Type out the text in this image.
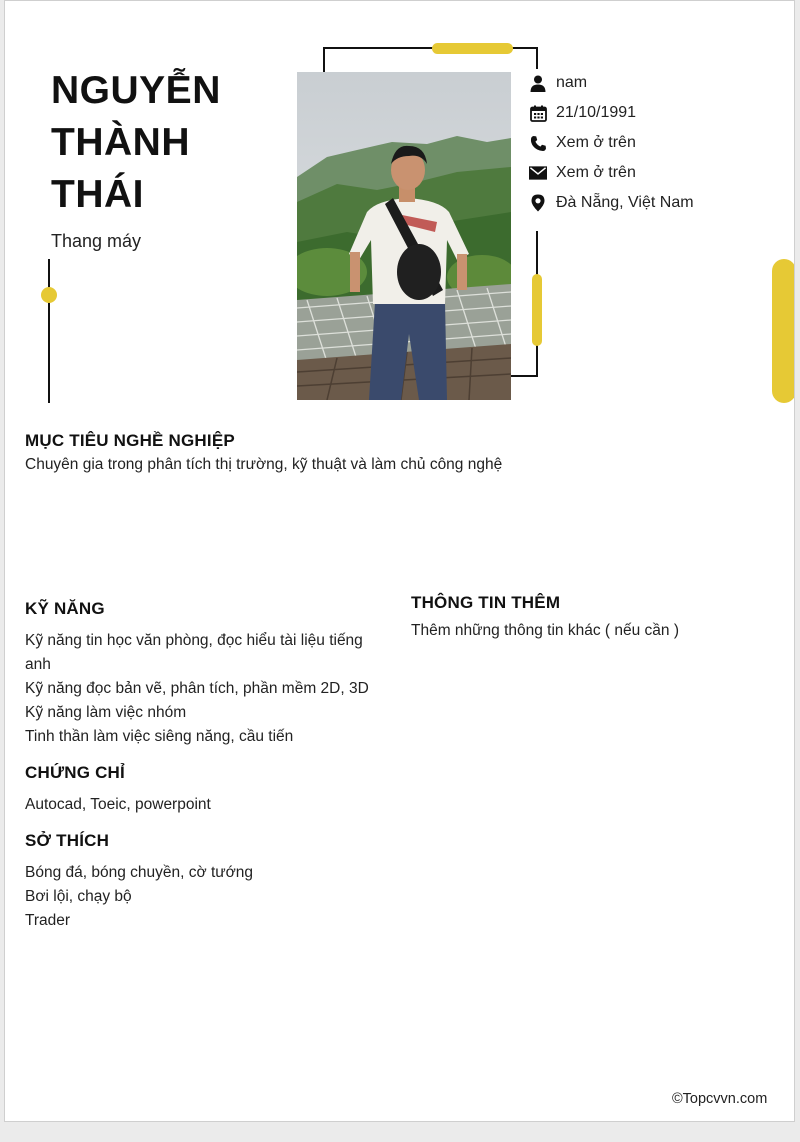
NGUYỄN
THÀNH
THÁI
Thang máy
nam
21/10/1991
Xem ở trên
Xem ở trên
Đà Nẵng, Việt Nam
MỤC TIÊU NGHỀ NGHIỆP
Chuyên gia trong phân tích thị trường, kỹ thuật và làm chủ công nghệ
KỸ NĂNG
Kỹ năng tin học văn phòng, đọc hiểu tài liệu tiếng anh
Kỹ năng đọc bản vẽ, phân tích, phần mềm 2D, 3D
Kỹ năng làm việc nhóm
Tinh thần làm việc siêng năng, cầu tiến
CHỨNG CHỈ
Autocad, Toeic, powerpoint
SỞ THÍCH
Bóng đá, bóng chuyền, cờ tướng
Bơi lội, chạy bộ
Trader
THÔNG TIN THÊM
Thêm những thông tin khác ( nếu cần )
©Topcvvn.com
